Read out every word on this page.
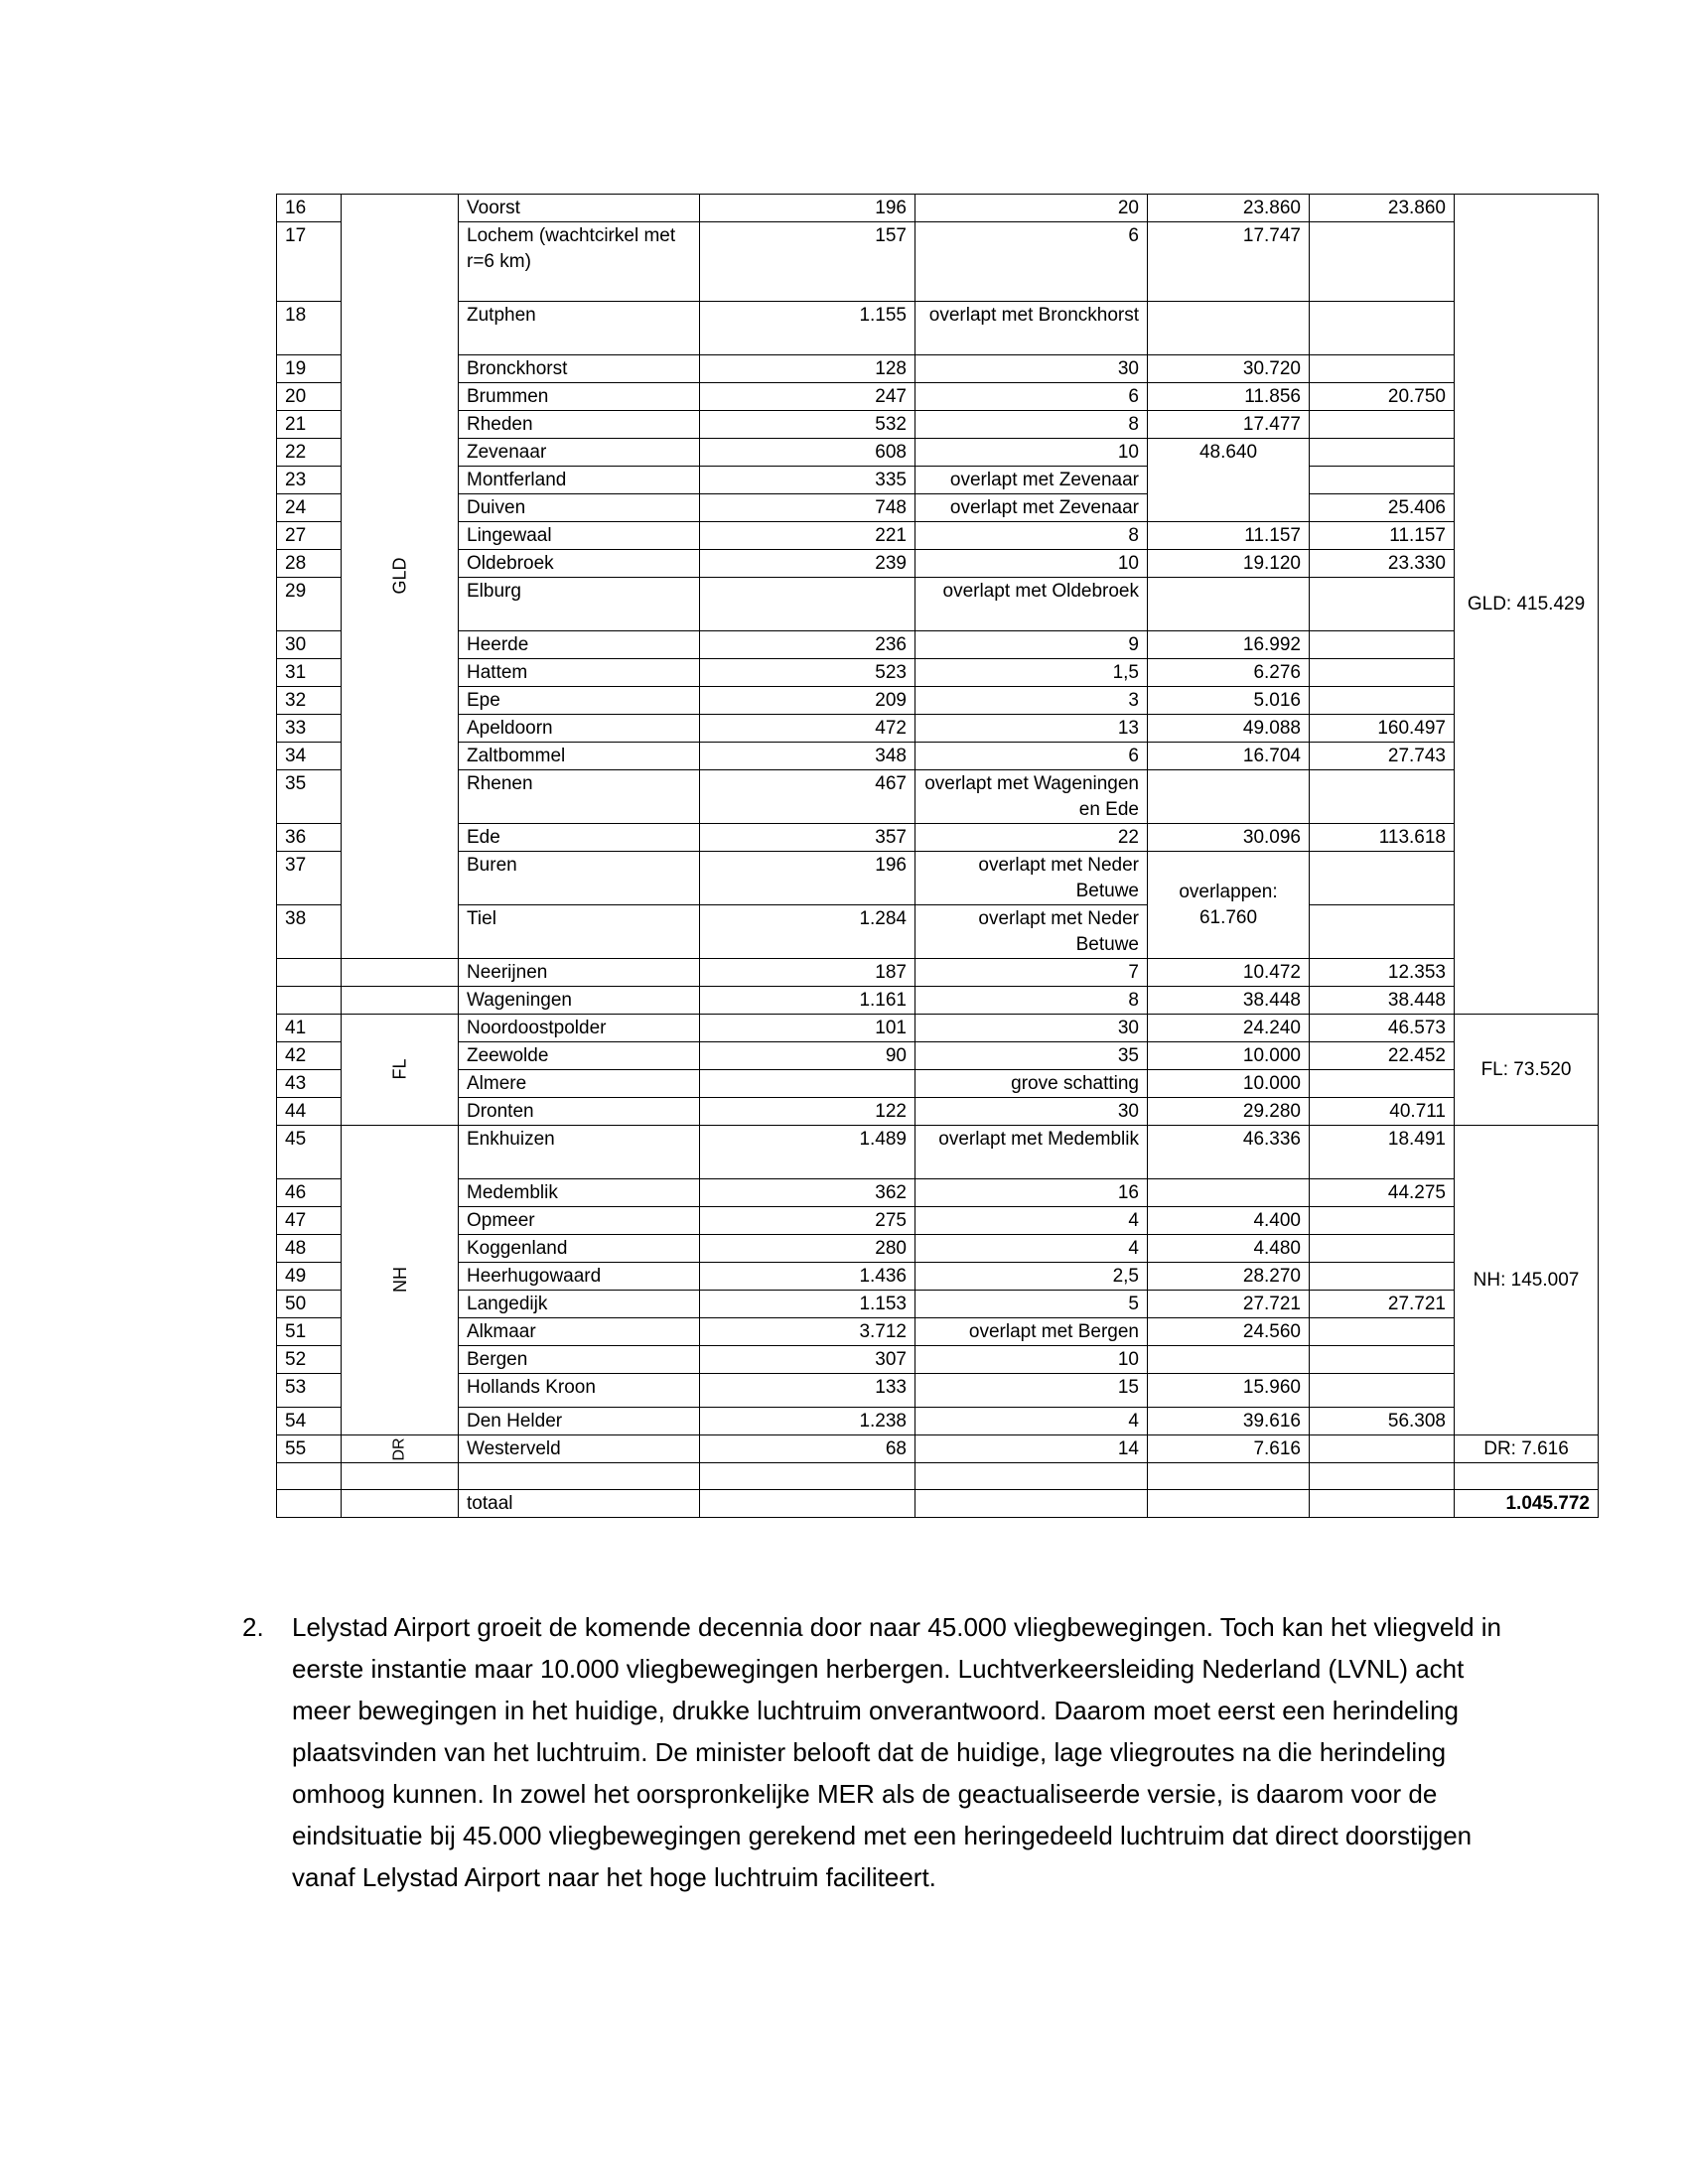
16	GLD	Voorst	196	20	23.860	23.860	GLD: 415.429
17		Lochem (wachtcirkel met r=6 km)	157	6	17.747		
18		Zutphen	1.155	overlapt met Bronckhorst			
19		Bronckhorst	128	30	30.720		
20		Brummen	247	6	11.856	20.750	
21		Rheden	532	8	17.477		
22		Zevenaar	608	10	48.640		
23		Montferland	335	overlapt met Zevenaar			
24		Duiven	748	overlapt met Zevenaar		25.406	
27		Lingewaal	221	8	11.157	11.157	
28		Oldebroek	239	10	19.120	23.330	
29		Elburg		overlapt met Oldebroek			
30		Heerde	236	9	16.992		
31		Hattem	523	1,5	6.276		
32		Epe	209	3	5.016		
33		Apeldoorn	472	13	49.088	160.497	
34		Zaltbommel	348	6	16.704	27.743	
35		Rhenen	467	overlapt met Wageningen en Ede			
36		Ede	357	22	30.096	113.618	
37		Buren	196	overlapt met Neder Betuwe	overlappen: 61.760		
38		Tiel	1.284	overlapt met Neder Betuwe			
		Neerijnen	187	7	10.472	12.353	
		Wageningen	1.161	8	38.448	38.448	
41	FL	Noordoostpolder	101	30	24.240	46.573	FL: 73.520
42		Zeewolde	90	35	10.000	22.452	
43		Almere		grove schatting	10.000		
44		Dronten	122	30	29.280	40.711	
45	NH	Enkhuizen	1.489	overlapt met Medemblik	46.336	18.491	NH: 145.007
46		Medemblik	362	16		44.275	
47		Opmeer	275	4	4.400		
48		Koggenland	280	4	4.480		
49		Heerhugowaard	1.436	2,5	28.270		
50		Langedijk	1.153	5	27.721	27.721	
51		Alkmaar	3.712	overlapt met Bergen	24.560		
52		Bergen	307	10			
53		Hollands Kroon	133	15	15.960		
54		Den Helder	1.238	4	39.616	56.308	
55	DR	Westerveld	68	14	7.616		DR: 7.616

		totaal					1.045.772
2.	Lelystad Airport groeit de komende decennia door naar 45.000 vliegbewegingen. Toch kan het vliegveld in eerste instantie maar 10.000 vliegbewegingen herbergen. Luchtverkeersleiding Nederland (LVNL) acht meer bewegingen in het huidige, drukke luchtruim onverantwoord. Daarom moet eerst een herindeling plaatsvinden van het luchtruim. De minister belooft dat de huidige, lage vliegroutes na die herindeling omhoog kunnen. In zowel het oorspronkelijke MER als de geactualiseerde versie, is daarom voor de eindsituatie bij 45.000 vliegbewegingen gerekend met een heringedeeld luchtruim dat direct doorstijgen vanaf Lelystad Airport naar het hoge luchtruim faciliteert.
